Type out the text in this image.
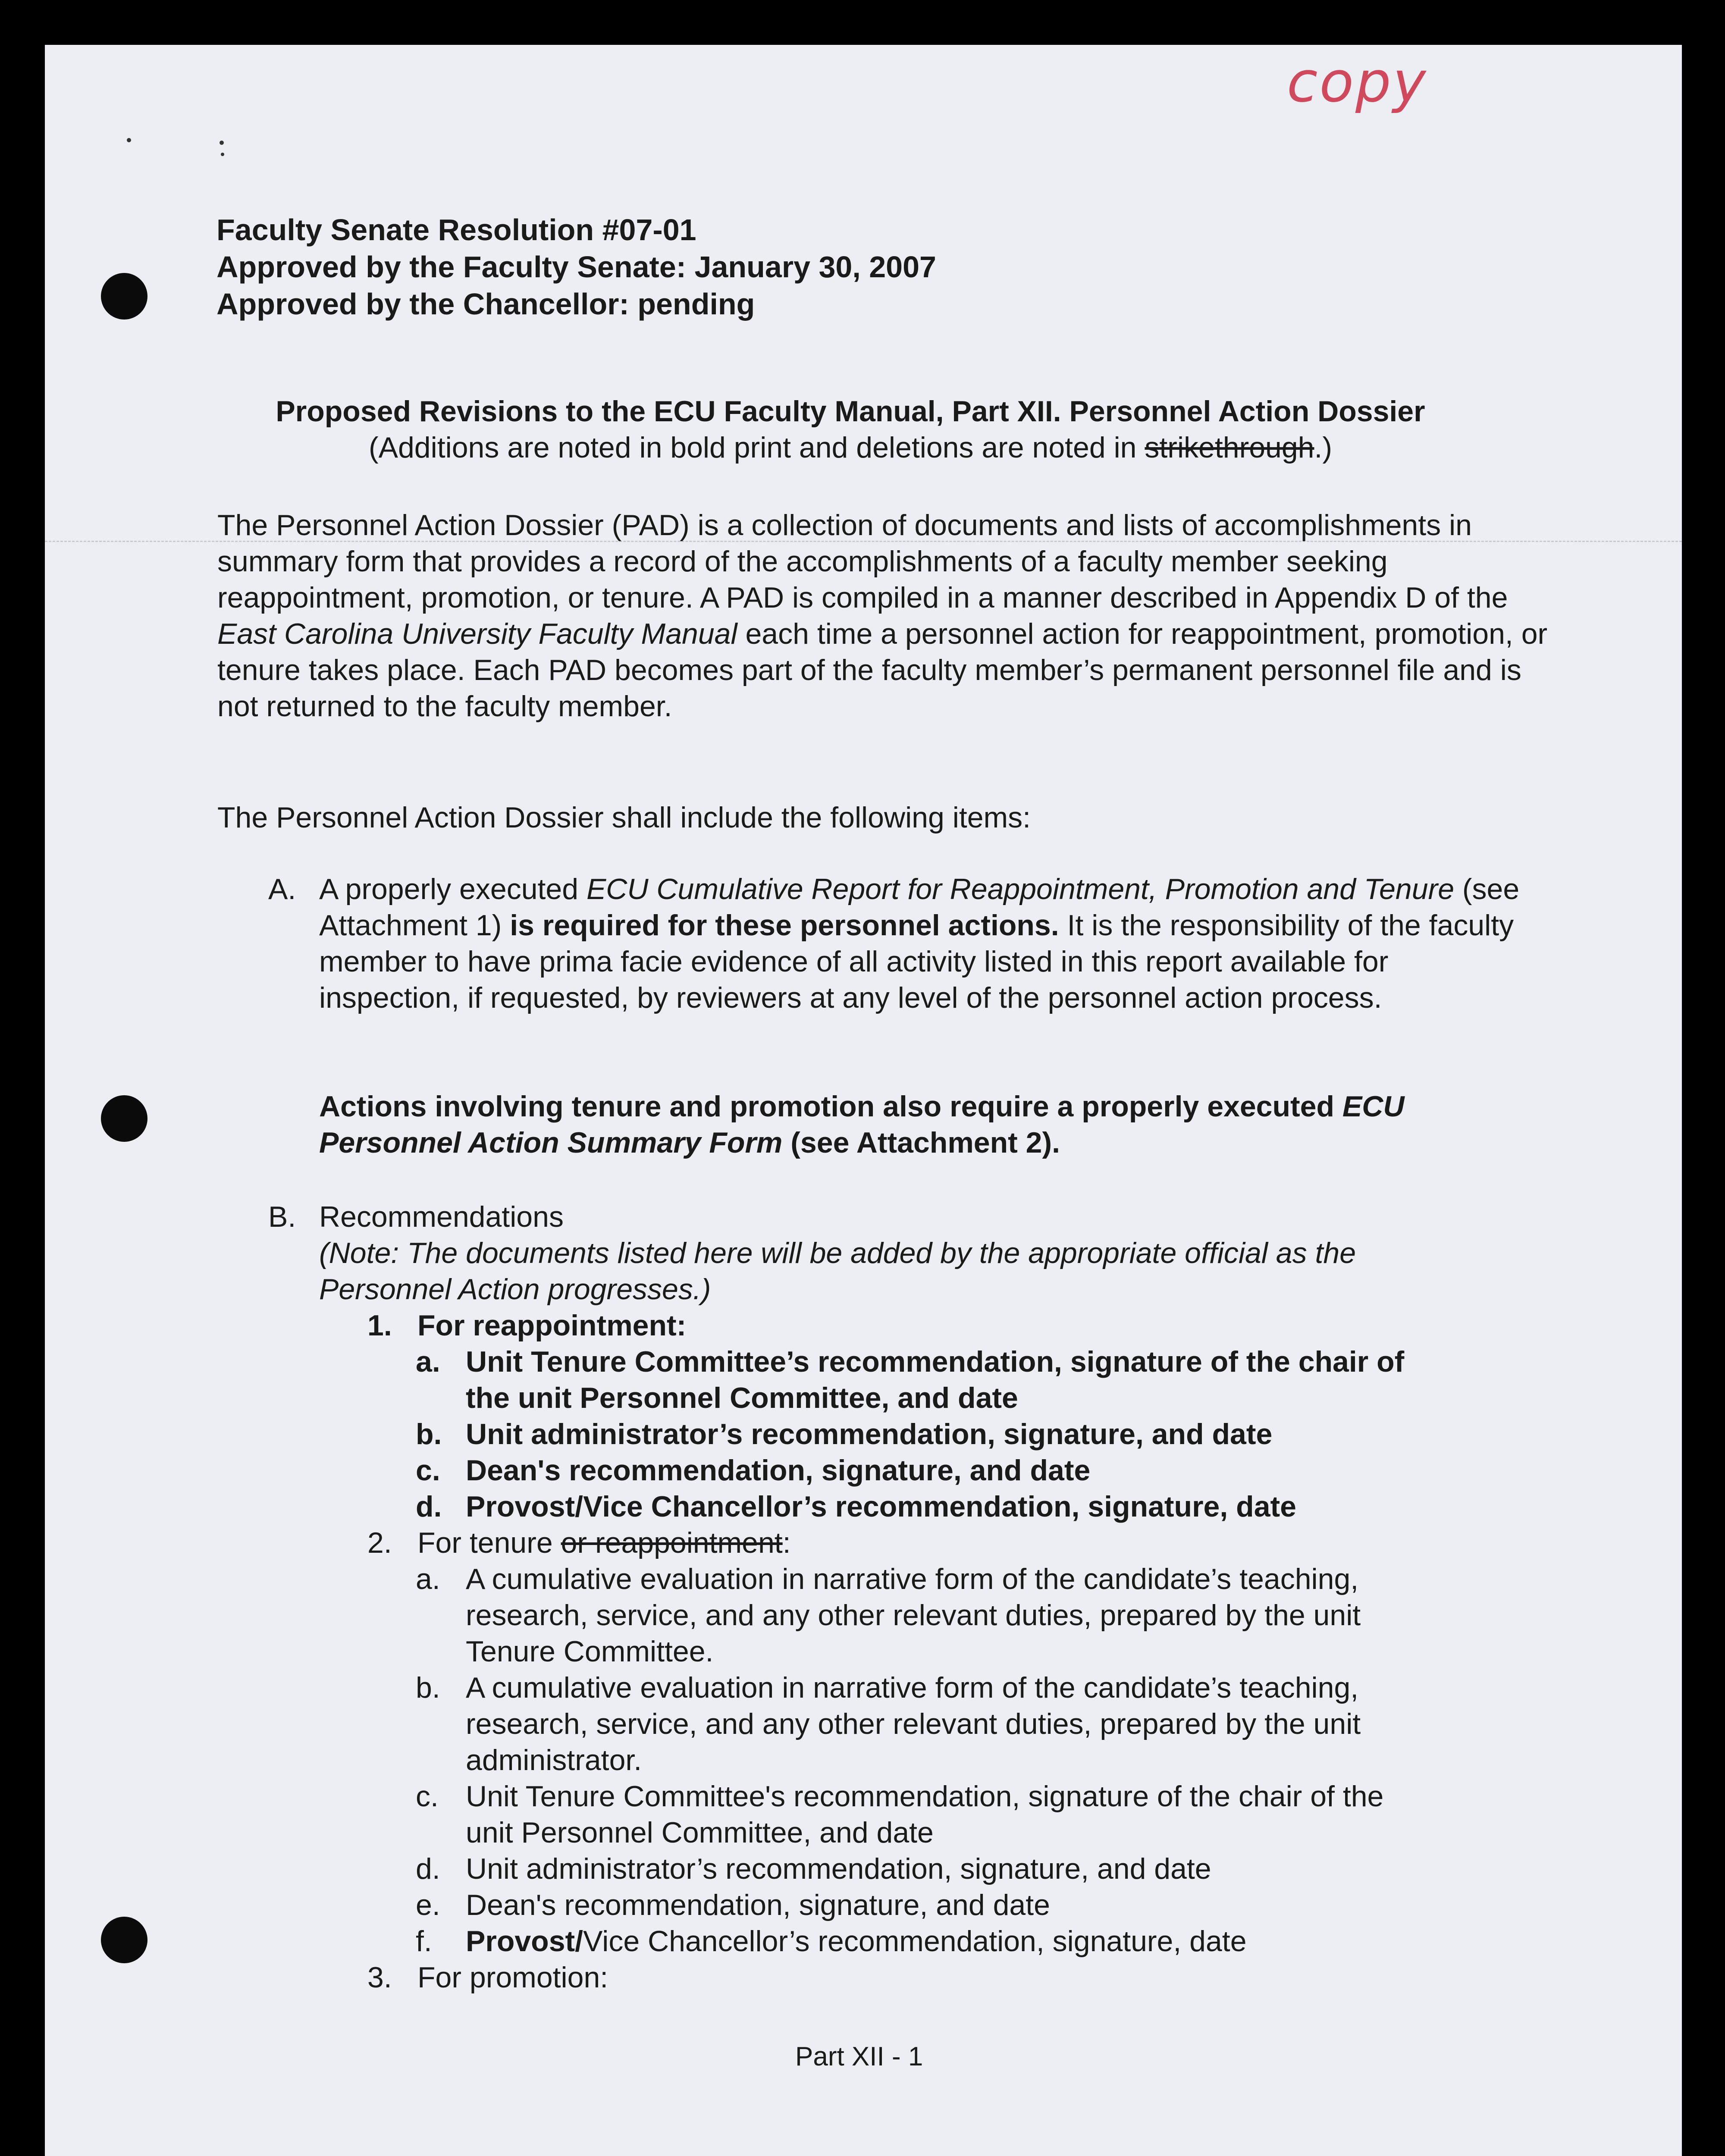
copy
Faculty Senate Resolution #07-01
Approved by the Faculty Senate: January 30, 2007
Approved by the Chancellor: pending
Proposed Revisions to the ECU Faculty Manual, Part XII. Personnel Action Dossier
(Additions are noted in bold print and deletions are noted in strikethrough.)
The Personnel Action Dossier (PAD) is a collection of documents and lists of accomplishments in summary form that provides a record of the accomplishments of a faculty member seeking reappointment, promotion, or tenure. A PAD is compiled in a manner described in Appendix D of the East Carolina University Faculty Manual each time a personnel action for reappointment, promotion, or tenure takes place. Each PAD becomes part of the faculty member’s permanent personnel file and is not returned to the faculty member.
The Personnel Action Dossier shall include the following items:
A. A properly executed ECU Cumulative Report for Reappointment, Promotion and Tenure (see Attachment 1) is required for these personnel actions. It is the responsibility of the faculty member to have prima facie evidence of all activity listed in this report available for inspection, if requested, by reviewers at any level of the personnel action process.
Actions involving tenure and promotion also require a properly executed ECU Personnel Action Summary Form (see Attachment 2).
B. Recommendations
(Note: The documents listed here will be added by the appropriate official as the
Personnel Action progresses.)
1. For reappointment:
a. Unit Tenure Committee’s recommendation, signature of the chair of
the unit Personnel Committee, and date
b. Unit administrator’s recommendation, signature, and date
c. Dean's recommendation, signature, and date
d. Provost/Vice Chancellor’s recommendation, signature, date
2. For tenure or reappointment:
a. A cumulative evaluation in narrative form of the candidate’s teaching,
research, service, and any other relevant duties, prepared by the unit
Tenure Committee.
b. A cumulative evaluation in narrative form of the candidate’s teaching,
research, service, and any other relevant duties, prepared by the unit
administrator.
c. Unit Tenure Committee's recommendation, signature of the chair of the
unit Personnel Committee, and date
d. Unit administrator’s recommendation, signature, and date
e. Dean's recommendation, signature, and date
f. Provost/Vice Chancellor’s recommendation, signature, date
3. For promotion:
Part XII - 1
